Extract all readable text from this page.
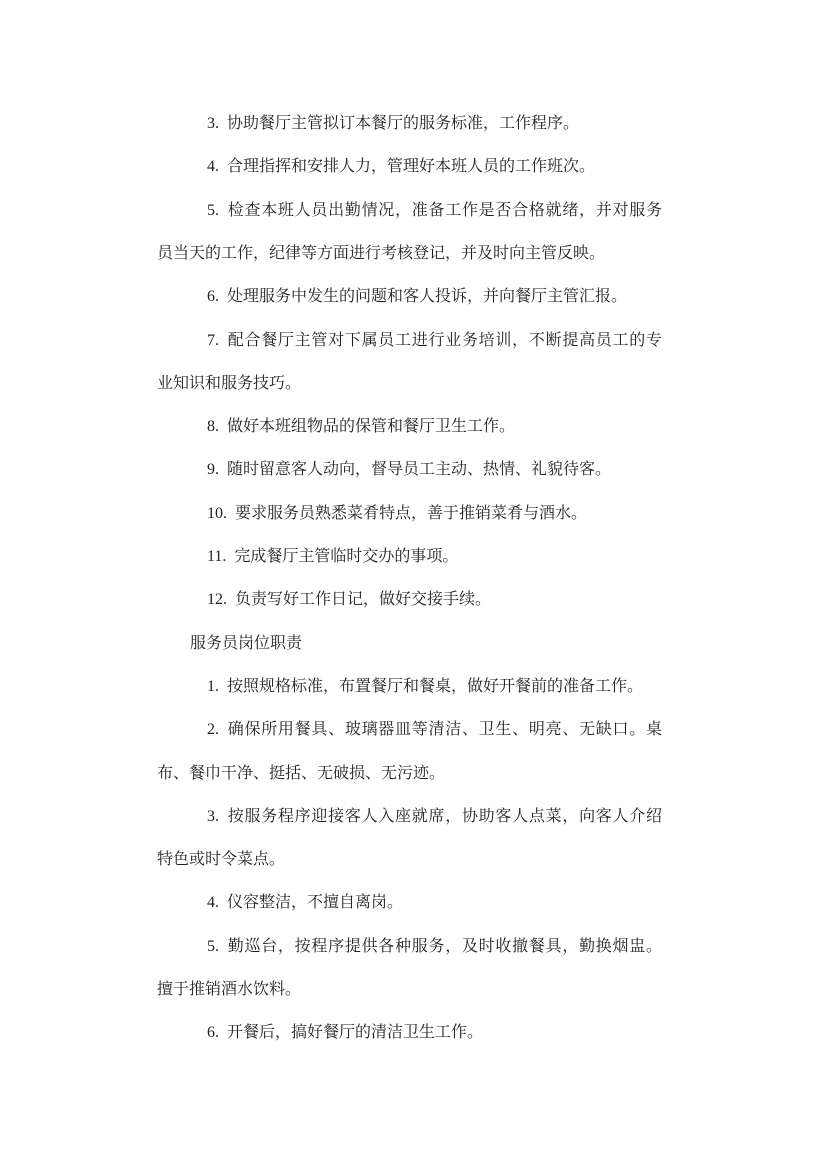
3. 协助餐厅主管拟订本餐厅的服务标准，工作程序。
4. 合理指挥和安排人力，管理好本班人员的工作班次。
5. 检查本班人员出勤情况，准备工作是否合格就绪，并对服务
员当天的工作，纪律等方面进行考核登记，并及时向主管反映。
6. 处理服务中发生的问题和客人投诉，并向餐厅主管汇报。
7. 配合餐厅主管对下属员工进行业务培训，不断提高员工的专
业知识和服务技巧。
8. 做好本班组物品的保管和餐厅卫生工作。
9. 随时留意客人动向，督导员工主动、热情、礼貌待客。
10. 要求服务员熟悉菜肴特点，善于推销菜肴与酒水。
11. 完成餐厅主管临时交办的事项。
12. 负责写好工作日记，做好交接手续。
服务员岗位职责
1. 按照规格标准，布置餐厅和餐桌，做好开餐前的准备工作。
2. 确保所用餐具、玻璃器皿等清洁、卫生、明亮、无缺口。桌
布、餐巾干净、挺括、无破损、无污迹。
3. 按服务程序迎接客人入座就席，协助客人点菜，向客人介绍
特色或时令菜点。
4. 仪容整洁，不擅自离岗。
5. 勤巡台，按程序提供各种服务，及时收撤餐具，勤换烟盅。
擅于推销酒水饮料。
6. 开餐后，搞好餐厅的清洁卫生工作。
